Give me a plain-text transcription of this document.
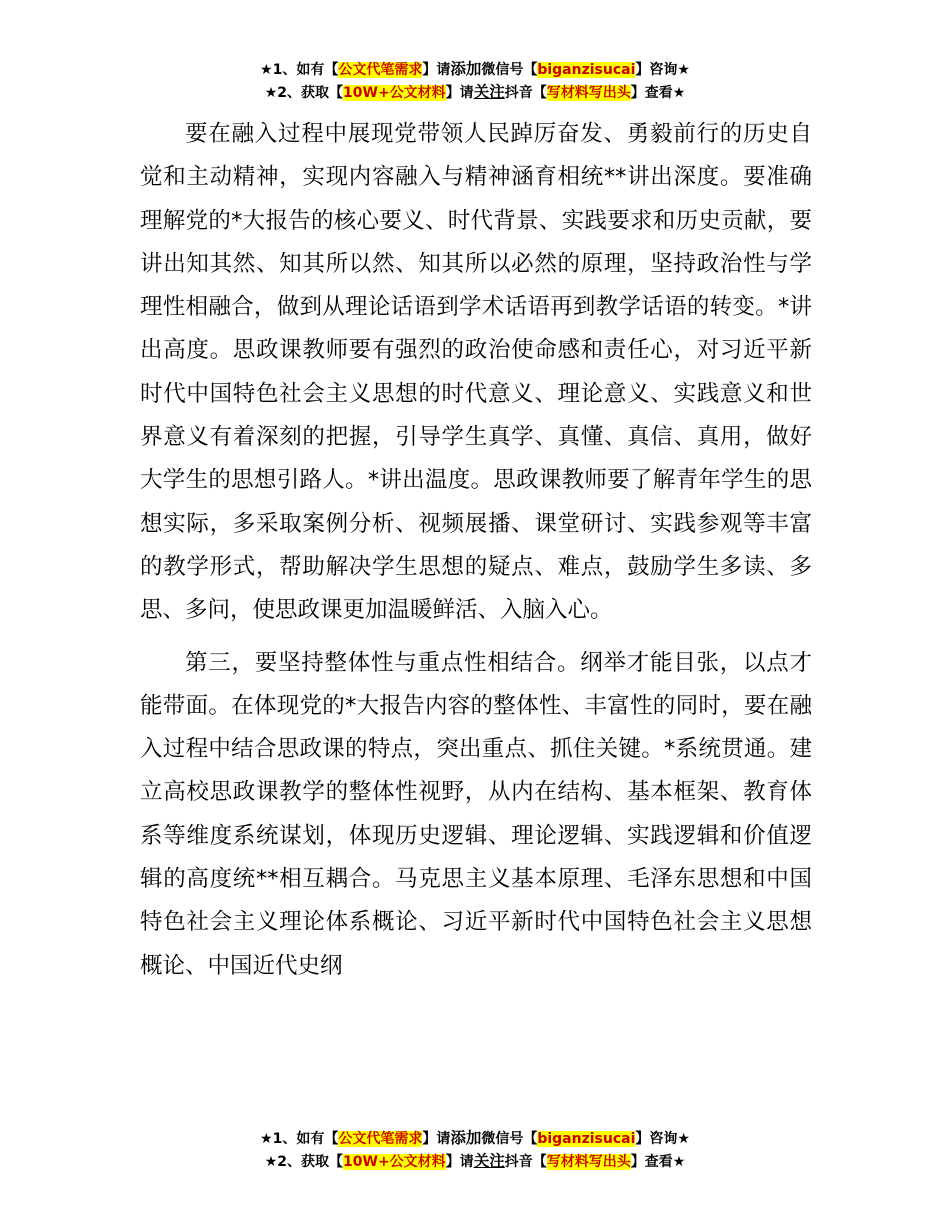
★1、如有【公文代笔需求】请添加微信号【biganzisucai】咨询★
★2、获取【10W+公文材料】请关注抖音【写材料写出头】查看★

要在融入过程中展现党带领人民踔厉奋发、勇毅前行的历史自觉和主动精神，实现内容融入与精神涵育相统**讲出深度。要准确理解党的*大报告的核心要义、时代背景、实践要求和历史贡献，要讲出知其然、知其所以然、知其所以必然的原理，坚持政治性与学理性相融合，做到从理论话语到学术话语再到教学话语的转变。*讲出高度。思政课教师要有强烈的政治使命感和责任心，对习近平新时代中国特色社会主义思想的时代意义、理论意义、实践意义和世界意义有着深刻的把握，引导学生真学、真懂、真信、真用，做好大学生的思想引路人。*讲出温度。思政课教师要了解青年学生的思想实际，多采取案例分析、视频展播、课堂研讨、实践参观等丰富的教学形式，帮助解决学生思想的疑点、难点，鼓励学生多读、多思、多问，使思政课更加温暖鲜活、入脑入心。

第三，要坚持整体性与重点性相结合。纲举才能目张，以点才能带面。在体现党的*大报告内容的整体性、丰富性的同时，要在融入过程中结合思政课的特点，突出重点、抓住关键。*系统贯通。建立高校思政课教学的整体性视野，从内在结构、基本框架、教育体系等维度系统谋划，体现历史逻辑、理论逻辑、实践逻辑和价值逻辑的高度统**相互耦合。马克思主义基本原理、毛泽东思想和中国特色社会主义理论体系概论、习近平新时代中国特色社会主义思想概论、中国近代史纲

★1、如有【公文代笔需求】请添加微信号【biganzisucai】咨询★
★2、获取【10W+公文材料】请关注抖音【写材料写出头】查看★
